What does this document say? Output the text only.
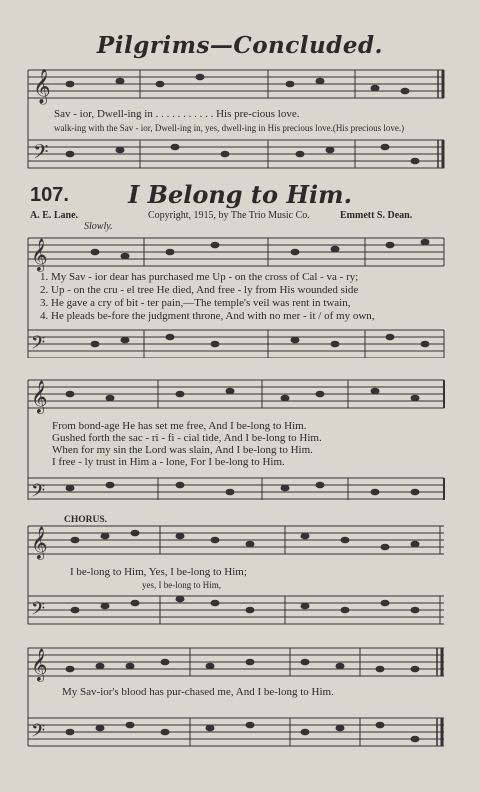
Pilgrims—Concluded.
𝄞
𝄢
Sav - ior, Dwell-ing in . . . . . . . . . . . His pre-cious love.
walk-ing with the Sav - ior, Dwell-ing in, yes, dwell-ing in His precious love.(His precious love.)
107.	I Belong to Him.
A. E. Lane.	Copyright, 1915, by The Trio Music Co.	Emmett S. Dean.
Slowly.
𝄞
𝄢
1. My Sav - ior dear has purchased me Up - on the cross of Cal - va - ry;
2. Up - on the cru - el tree He died, And free - ly from His wounded side
3. He gave a cry of bit - ter pain,—The temple's veil was rent in twain,
4. He pleads be-fore the judgment throne, And with no mer - it / of my own,
𝄞
𝄢
From bond-age He has set me free, And I be-long to Him.
Gushed forth the sac - ri - fi - cial tide, And I be-long to Him.
When for my sin the Lord was slain, And I be-long to Him.
I free - ly trust in Him a - lone, For I be-long to Him.
CHORUS.
𝄞
𝄢
I be-long to Him, Yes, I be-long to Him;
yes, I be-long to Him,
𝄞
𝄢
My Sav-ior's blood has pur-chased me, And I be-long to Him.
